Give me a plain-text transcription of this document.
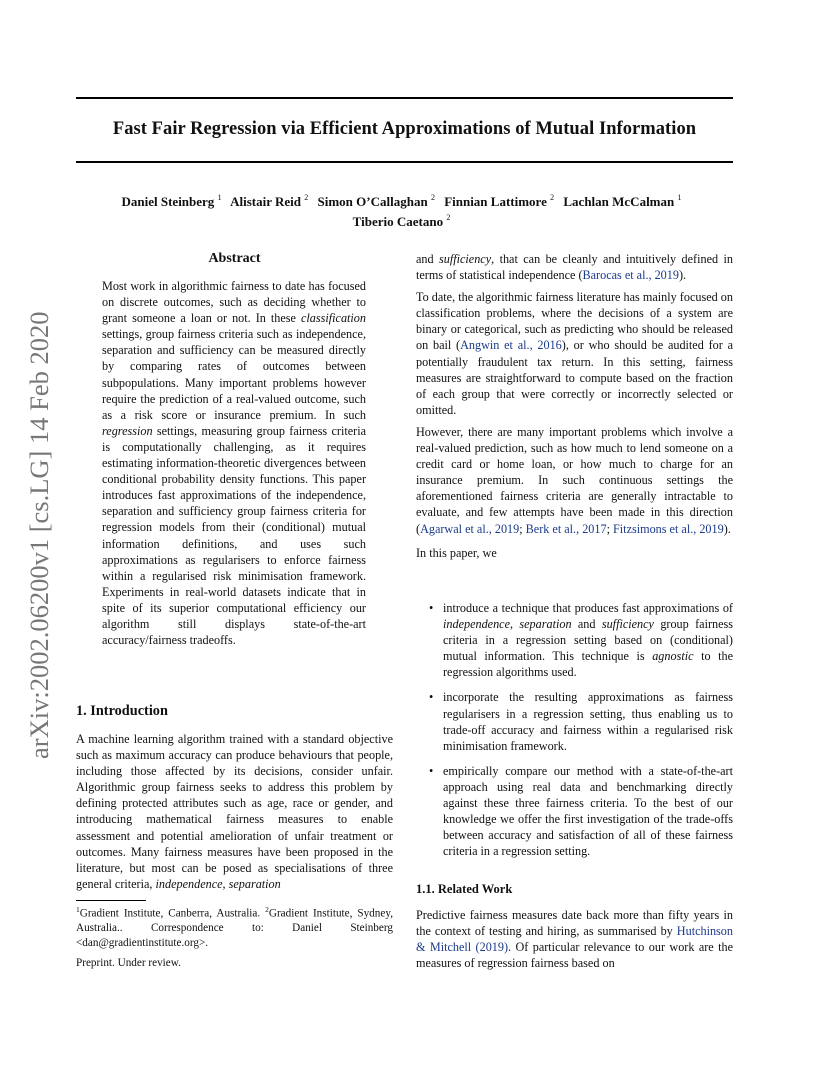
arXiv:2002.06200v1 [cs.LG] 14 Feb 2020
Fast Fair Regression via Efficient Approximations of Mutual Information
Daniel Steinberg $^1$ Alistair Reid $^2$ Simon O’Callaghan $^2$ Finnian Lattimore $^2$ Lachlan McCalman $^1$
Tiberio Caetano $^2$
Abstract

Most work in algorithmic fairness to date has focused on discrete outcomes, such as deciding whether to grant someone a loan or not. In these classification settings, group fairness criteria such as independence, separation and sufficiency can be measured directly by comparing rates of outcomes between subpopulations. Many important problems however require the prediction of a real-valued outcome, such as a risk score or insurance premium. In such regression settings, measuring group fairness criteria is computationally challenging, as it requires estimating information-theoretic divergences between conditional probability density functions. This paper introduces fast approximations of the independence, separation and sufficiency group fairness criteria for regression models from their (conditional) mutual information definitions, and uses such approximations as regularisers to enforce fairness within a regularised risk minimisation framework. Experiments in real-world datasets indicate that in spite of its superior computational efficiency our algorithm still displays state-of-the-art accuracy/fairness tradeoffs.

1. Introduction

A machine learning algorithm trained with a standard objective such as maximum accuracy can produce behaviours that people, including those affected by its decisions, consider unfair. Algorithmic group fairness seeks to address this problem by defining protected attributes such as age, race or gender, and introducing mathematical fairness measures to enable assessment and potential amelioration of unfair treatment or outcomes. Many fairness measures have been proposed in the literature, but most can be posed as specialisations of three general criteria, independence, separation

$^1$Gradient Institute, Canberra, Australia. $^2$Gradient Institute, Sydney, Australia.. Correspondence to: Daniel Steinberg <dan@gradientinstitute.org>.

Preprint. Under review.

and sufficiency, that can be cleanly and intuitively defined in terms of statistical independence (Barocas et al., 2019).

To date, the algorithmic fairness literature has mainly focused on classification problems, where the decisions of a system are binary or categorical, such as predicting who should be released on bail (Angwin et al., 2016), or who should be audited for a potentially fraudulent tax return. In this setting, fairness measures are straightforward to compute based on the fraction of each group that were correctly or incorrectly selected or omitted.

However, there are many important problems which involve a real-valued prediction, such as how much to lend someone on a credit card or home loan, or how much to charge for an insurance premium. In such continuous settings the aforementioned fairness criteria are generally intractable to evaluate, and few attempts have been made in this direction (Agarwal et al., 2019; Berk et al., 2017; Fitzsimons et al., 2019).

In this paper, we

• introduce a technique that produces fast approximations of independence, separation and sufficiency group fairness criteria in a regression setting based on (conditional) mutual information. This technique is agnostic to the regression algorithms used.

• incorporate the resulting approximations as fairness regularisers in a regression setting, thus enabling us to trade-off accuracy and fairness within a regularised risk minimisation framework.

• empirically compare our method with a state-of-the-art approach using real data and benchmarking directly against these three fairness criteria. To the best of our knowledge we offer the first investigation of the trade-offs between accuracy and satisfaction of all of these fairness criteria in a regression setting.

1.1. Related Work

Predictive fairness measures date back more than fifty years in the context of testing and hiring, as summarised by Hutchinson & Mitchell (2019). Of particular relevance to our work are the measures of regression fairness based on
